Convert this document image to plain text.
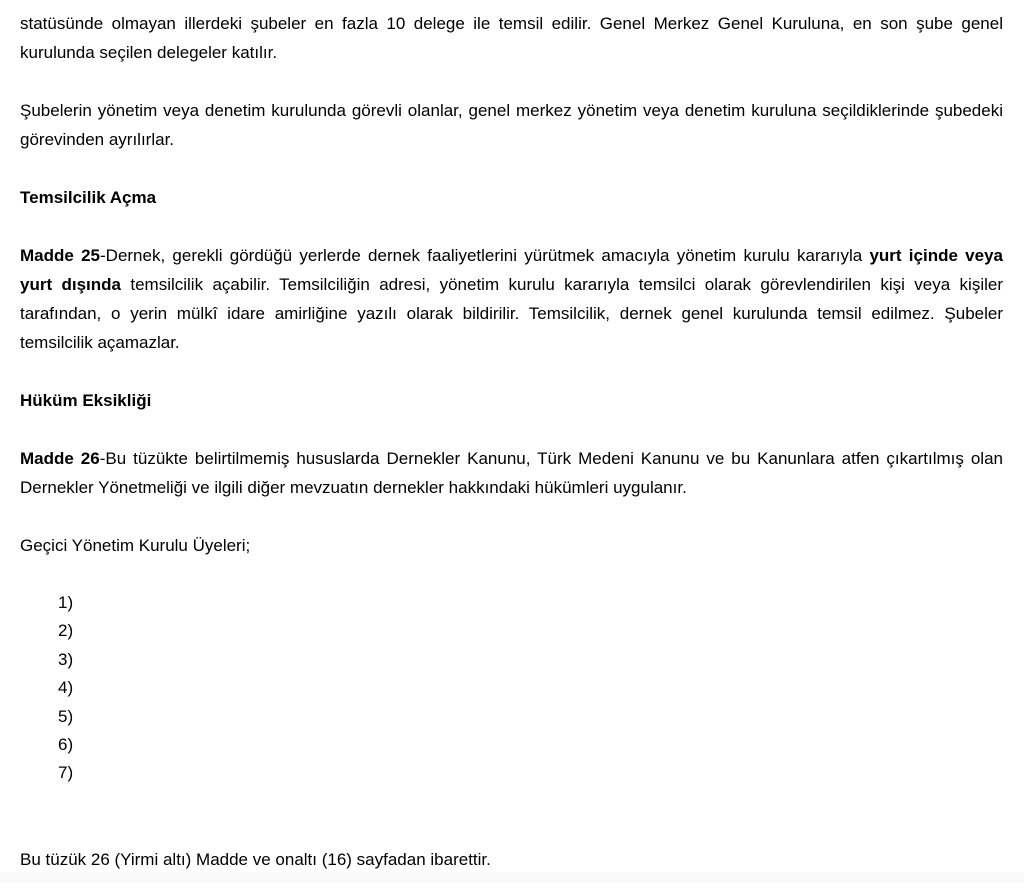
statüsünde olmayan illerdeki şubeler en fazla 10 delege ile temsil edilir. Genel Merkez Genel Kuruluna, en son şube genel kurulunda seçilen delegeler katılır.

Şubelerin yönetim veya denetim kurulunda görevli olanlar, genel merkez yönetim veya denetim kuruluna seçildiklerinde şubedeki görevinden ayrılırlar.

Temsilcilik Açma

Madde 25-Dernek, gerekli gördüğü yerlerde dernek faaliyetlerini yürütmek amacıyla yönetim kurulu kararıyla yurt içinde veya yurt dışında temsilcilik açabilir. Temsilciliğin adresi, yönetim kurulu kararıyla temsilci olarak görevlendirilen kişi veya kişiler tarafından, o yerin mülkî idare amirliğine yazılı olarak bildirilir. Temsilcilik, dernek genel kurulunda temsil edilmez. Şubeler temsilcilik açamazlar.

Hüküm Eksikliği

Madde 26-Bu tüzükte belirtilmemiş hususlarda Dernekler Kanunu, Türk Medeni Kanunu ve bu Kanunlara atfen çıkartılmış olan Dernekler Yönetmeliği ve ilgili diğer mevzuatın dernekler hakkındaki hükümleri uygulanır.

Geçici Yönetim Kurulu Üyeleri;

1)
2)
3)
4)
5)
6)
7)

Bu tüzük 26 (Yirmi altı) Madde ve onaltı (16) sayfadan ibarettir.
